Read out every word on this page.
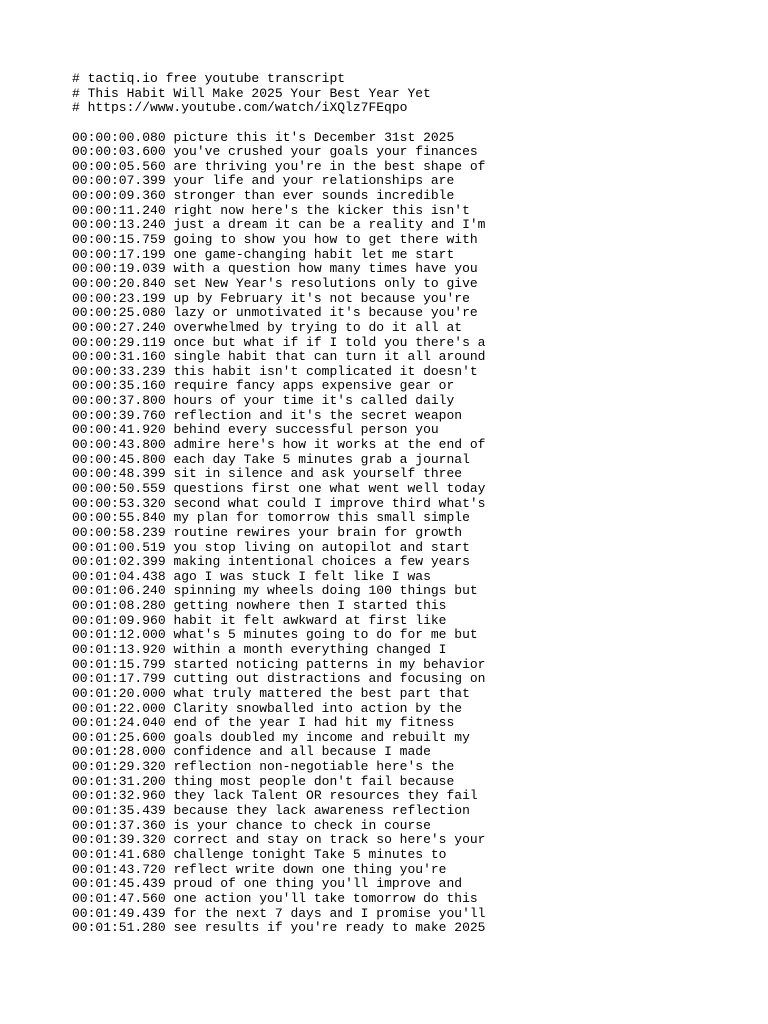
# tactiq.io free youtube transcript
# This Habit Will Make 2025 Your Best Year Yet
# https://www.youtube.com/watch/iXQlz7FEqpo
00:00:00.080 picture this it's December 31st 2025
00:00:03.600 you've crushed your goals your finances
00:00:05.560 are thriving you're in the best shape of
00:00:07.399 your life and your relationships are
00:00:09.360 stronger than ever sounds incredible
00:00:11.240 right now here's the kicker this isn't
00:00:13.240 just a dream it can be a reality and I'm
00:00:15.759 going to show you how to get there with
00:00:17.199 one game-changing habit let me start
00:00:19.039 with a question how many times have you
00:00:20.840 set New Year's resolutions only to give
00:00:23.199 up by February it's not because you're
00:00:25.080 lazy or unmotivated it's because you're
00:00:27.240 overwhelmed by trying to do it all at
00:00:29.119 once but what if if I told you there's a
00:00:31.160 single habit that can turn it all around
00:00:33.239 this habit isn't complicated it doesn't
00:00:35.160 require fancy apps expensive gear or
00:00:37.800 hours of your time it's called daily
00:00:39.760 reflection and it's the secret weapon
00:00:41.920 behind every successful person you
00:00:43.800 admire here's how it works at the end of
00:00:45.800 each day Take 5 minutes grab a journal
00:00:48.399 sit in silence and ask yourself three
00:00:50.559 questions first one what went well today
00:00:53.320 second what could I improve third what's
00:00:55.840 my plan for tomorrow this small simple
00:00:58.239 routine rewires your brain for growth
00:01:00.519 you stop living on autopilot and start
00:01:02.399 making intentional choices a few years
00:01:04.438 ago I was stuck I felt like I was
00:01:06.240 spinning my wheels doing 100 things but
00:01:08.280 getting nowhere then I started this
00:01:09.960 habit it felt awkward at first like
00:01:12.000 what's 5 minutes going to do for me but
00:01:13.920 within a month everything changed I
00:01:15.799 started noticing patterns in my behavior
00:01:17.799 cutting out distractions and focusing on
00:01:20.000 what truly mattered the best part that
00:01:22.000 Clarity snowballed into action by the
00:01:24.040 end of the year I had hit my fitness
00:01:25.600 goals doubled my income and rebuilt my
00:01:28.000 confidence and all because I made
00:01:29.320 reflection non-negotiable here's the
00:01:31.200 thing most people don't fail because
00:01:32.960 they lack Talent OR resources they fail
00:01:35.439 because they lack awareness reflection
00:01:37.360 is your chance to check in course
00:01:39.320 correct and stay on track so here's your
00:01:41.680 challenge tonight Take 5 minutes to
00:01:43.720 reflect write down one thing you're
00:01:45.439 proud of one thing you'll improve and
00:01:47.560 one action you'll take tomorrow do this
00:01:49.439 for the next 7 days and I promise you'll
00:01:51.280 see results if you're ready to make 2025
